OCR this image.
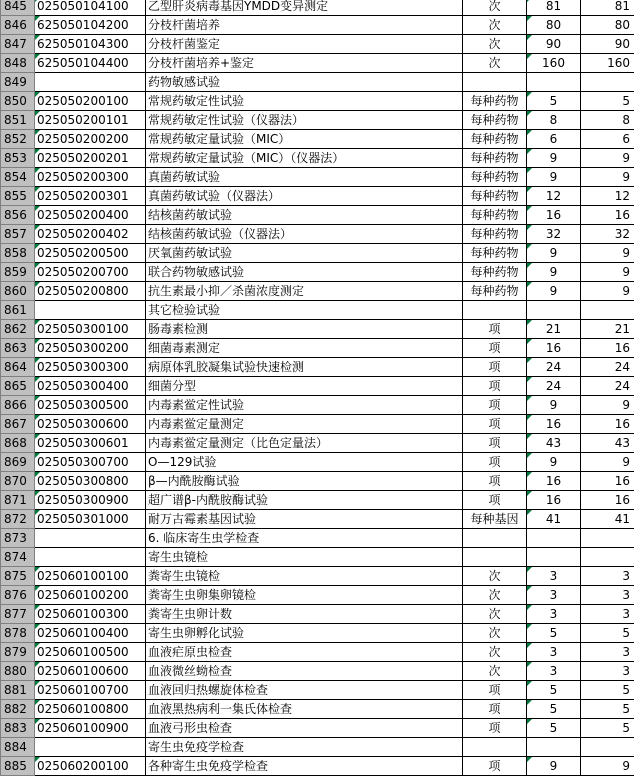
845	025050104100	乙型肝炎病毒基因YMDD变异测定	次	81	81
846	625050104200	分枝杆菌培养	次	80	80
847	625050104300	分枝杆菌鉴定	次	90	90
848	625050104400	分枝杆菌培养+鉴定	次	160	160
849		药物敏感试验			
850	025050200100	常规药敏定性试验	每种药物	5	5
851	025050200101	常规药敏定性试验（仪器法）	每种药物	8	8
852	025050200200	常规药敏定量试验（MIC）	每种药物	6	6
853	025050200201	常规药敏定量试验（MIC）（仪器法）	每种药物	9	9
854	025050200300	真菌药敏试验	每种药物	9	9
855	025050200301	真菌药敏试验（仪器法）	每种药物	12	12
856	025050200400	结核菌药敏试验	每种药物	16	16
857	025050200402	结核菌药敏试验（仪器法）	每种药物	32	32
858	025050200500	厌氧菌药敏试验	每种药物	9	9
859	025050200700	联合药物敏感试验	每种药物	9	9
860	025050200800	抗生素最小抑／杀菌浓度测定	每种药物	9	9
861		其它检验试验			
862	025050300100	肠毒素检测	项	21	21
863	025050300200	细菌毒素测定	项	16	16
864	025050300300	病原体乳胶凝集试验快速检测	项	24	24
865	025050300400	细菌分型	项	24	24
866	025050300500	内毒素鲎定性试验	项	9	9
867	025050300600	内毒素鲎定量测定	项	16	16
868	025050300601	内毒素鲎定量测定（比色定量法）	项	43	43
869	025050300700	O—129试验	项	9	9
870	025050300800	β—内酰胺酶试验	项	16	16
871	025050300900	超广谱β-内酰胺酶试验	项	16	16
872	025050301000	耐万古霉素基因试验	每种基因	41	41
873		6. 临床寄生虫学检查			
874		寄生虫镜检			
875	025060100100	粪寄生虫镜检	次	3	3
876	025060100200	粪寄生虫卵集卵镜检	次	3	3
877	025060100300	粪寄生虫卵计数	次	3	3
878	025060100400	寄生虫卵孵化试验	次	5	5
879	025060100500	血液疟原虫检查	次	3	3
880	025060100600	血液微丝蚴检查	次	3	3
881	025060100700	血液回归热螺旋体检查	项	5	5
882	025060100800	血液黑热病利一集氏体检查	项	5	5
883	025060100900	血液弓形虫检查	项	5	5
884		寄生虫免疫学检查			
885	025060200100	各种寄生虫免疫学检查	项	9	9
